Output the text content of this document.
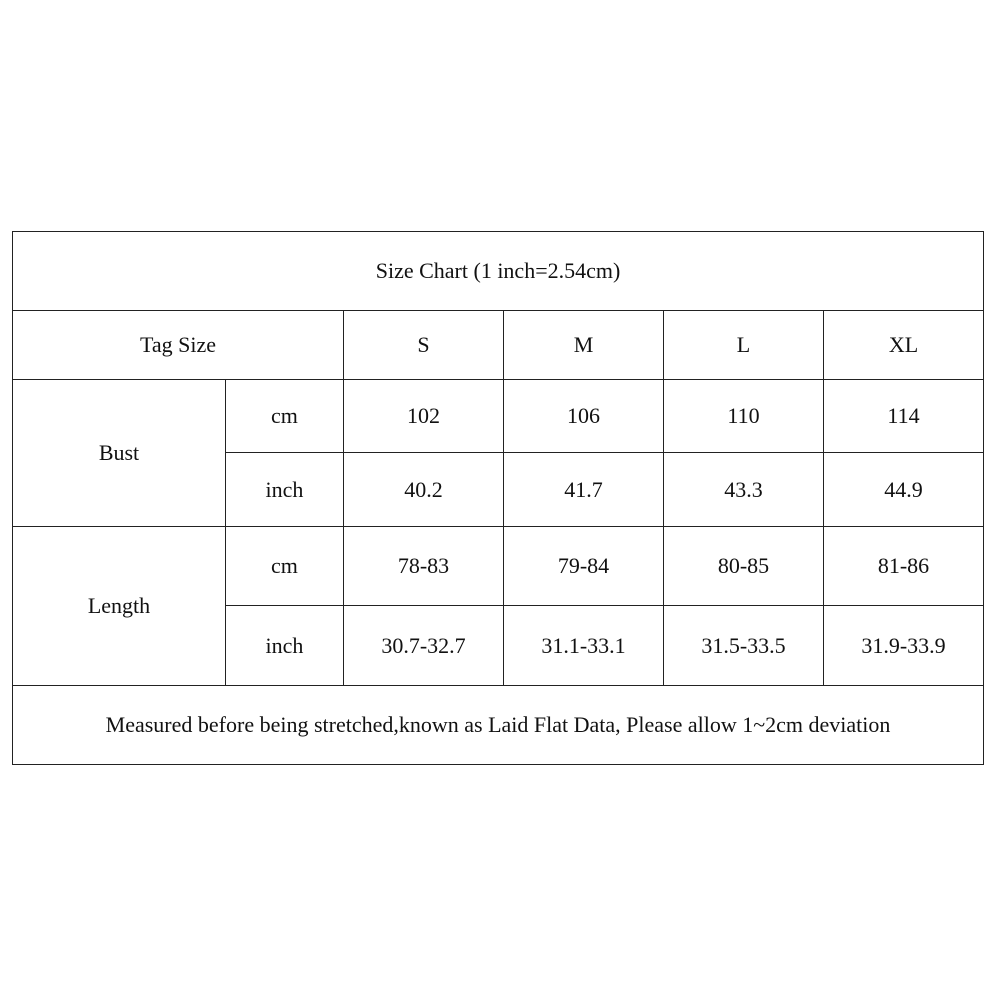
Size Chart (1 inch=2.54cm)					
Tag Size		S	M	L	XL
Bust	cm	102	106	110	114
	inch	40.2	41.7	43.3	44.9
Length	cm	78-83	79-84	80-85	81-86
	inch	30.7-32.7	31.1-33.1	31.5-33.5	31.9-33.9
Measured before being stretched,known as Laid Flat Data, Please allow 1~2cm deviation					
